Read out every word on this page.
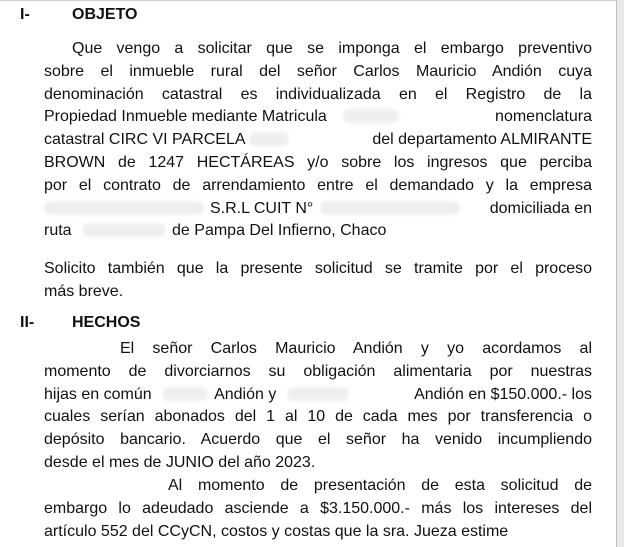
I-	OBJETO
Que vengo a solicitar que se imponga el embargo preventivo
sobre el inmueble rural del señor Carlos Mauricio Andión cuya
denominación catastral es individualizada en el Registro de la
Propiedad Inmueble mediante Matricula	nomenclatura
catastral CIRC VI PARCELA	del departamento ALMIRANTE
BROWN de 1247 HECTÁREAS y/o sobre los ingresos que perciba
por el contrato de arrendamiento entre el demandado y la empresa
S.R.L CUIT N°	domiciliada en
ruta	de Pampa Del Infierno, Chaco
Solicito también que la presente solicitud se tramite por el proceso
más breve.
II- HECHOS
El señor Carlos Mauricio Andión y yo acordamos al
momento de divorciarnos su obligación alimentaria por nuestras
hijas en común	Andión y	Andión en $150.000.- los
cuales serían abonados del 1 al 10 de cada mes por transferencia o
depósito bancario. Acuerdo que el señor ha venido incumpliendo
desde el mes de JUNIO del año 2023.
Al momento de presentación de esta solicitud de
embargo lo adeudado asciende a $3.150.000.- más los intereses del
artículo 552 del CCyCN, costos y costas que la sra. Jueza estime
